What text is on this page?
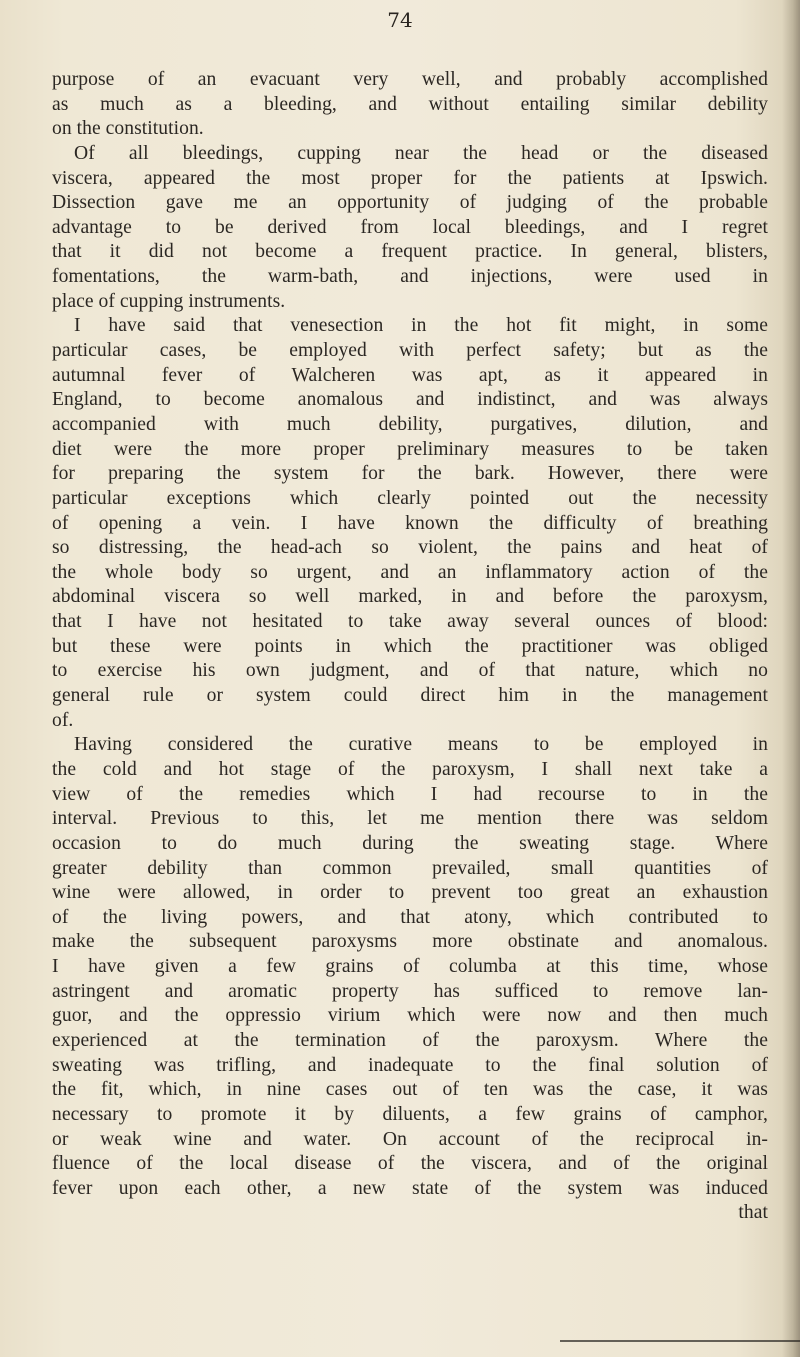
74

purpose of an evacuant very well, and probably accomplished
as much as a bleeding, and without entailing similar debility
on the constitution.
Of all bleedings, cupping near the head or the diseased
viscera, appeared the most proper for the patients at Ipswich.
Dissection gave me an opportunity of judging of the probable
advantage to be derived from local bleedings, and I regret
that it did not become a frequent practice. In general, blisters,
fomentations, the warm-bath, and injections, were used in
place of cupping instruments.
I have said that venesection in the hot fit might, in some
particular cases, be employed with perfect safety; but as the
autumnal fever of Walcheren was apt, as it appeared in
England, to become anomalous and indistinct, and was always
accompanied with much debility, purgatives, dilution, and
diet were the more proper preliminary measures to be taken
for preparing the system for the bark. However, there were
particular exceptions which clearly pointed out the necessity
of opening a vein. I have known the difficulty of breathing
so distressing, the head-ach so violent, the pains and heat of
the whole body so urgent, and an inflammatory action of the
abdominal viscera so well marked, in and before the paroxysm,
that I have not hesitated to take away several ounces of blood:
but these were points in which the practitioner was obliged
to exercise his own judgment, and of that nature, which no
general rule or system could direct him in the management
of.
Having considered the curative means to be employed in
the cold and hot stage of the paroxysm, I shall next take a
view of the remedies which I had recourse to in the
interval. Previous to this, let me mention there was seldom
occasion to do much during the sweating stage. Where
greater debility than common prevailed, small quantities of
wine were allowed, in order to prevent too great an exhaustion
of the living powers, and that atony, which contributed to
make the subsequent paroxysms more obstinate and anomalous.
I have given a few grains of columba at this time, whose
astringent and aromatic property has sufficed to remove lan-
guor, and the oppressio virium which were now and then much
experienced at the termination of the paroxysm. Where the
sweating was trifling, and inadequate to the final solution of
the fit, which, in nine cases out of ten was the case, it was
necessary to promote it by diluents, a few grains of camphor,
or weak wine and water. On account of the reciprocal in-
fluence of the local disease of the viscera, and of the original
fever upon each other, a new state of the system was induced
that
